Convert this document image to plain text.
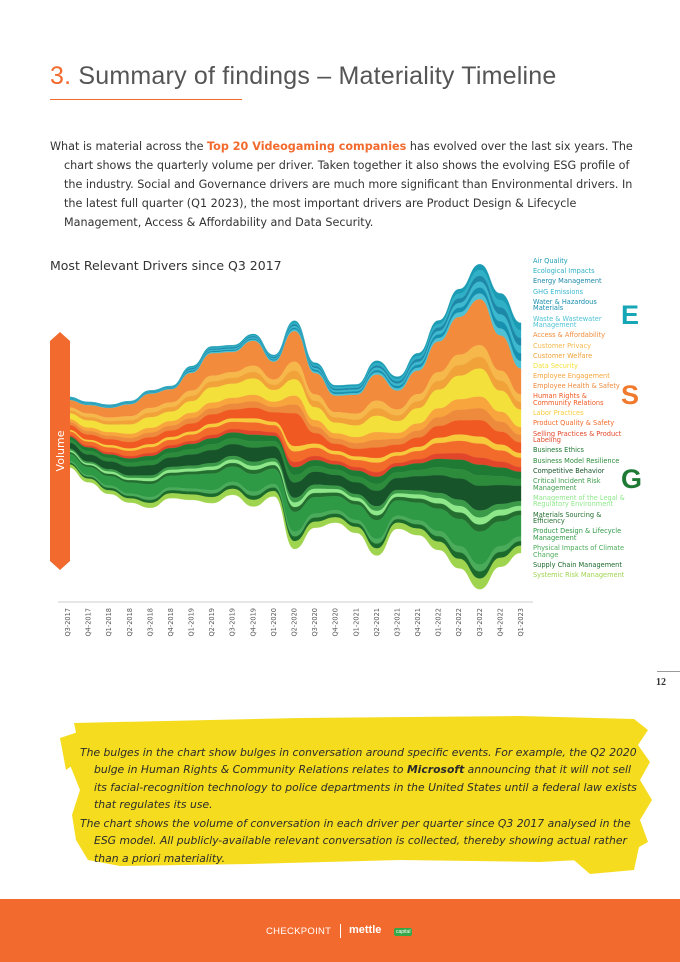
3. Summary of findings – Materiality Timeline

What is material across the Top 20 Videogaming companies has evolved over the last six years. The chart shows the quarterly volume per driver. Taken together it also shows the evolving ESG profile of the industry. Social and Governance drivers are much more significant than Environmental drivers. In the latest full quarter (Q1 2023), the most important drivers are Product Design & Lifecycle Management, Access & Affordability and Data Security.

Most Relevant Drivers since Q3 2017
Q3-2017 Q4-2017 Q1-2018 Q2-2018 Q3-2018 Q4-2018 Q1-2019 Q2-2019 Q3-2019 Q4-2019 Q1-2020 Q2-2020 Q3-2020 Q4-2020 Q1-2021 Q2-2021 Q3-2021 Q4-2021 Q1-2022 Q2-2022 Q3-2022 Q4-2022 Q1-2023
Volume
Air Quality
Ecological Impacts
Energy Management
GHG Emissions
Water & Hazardous Materials
Waste & Wastewater Management
Access & Affordability
Customer Privacy
Customer Welfare
Data Security
Employee Engagement
Employee Health & Safety
Human Rights & Community Relations
Labor Practices
Product Quality & Safety
Selling Practices & Product Labeling
Business Ethics
Business Model Resilience
Competitive Behavior
Critical Incident Risk Management
Management of the Legal & Regulatory Environment
Materials Sourcing & Efficiency
Product Design & Lifecycle Management
Physical Impacts of Climate Change
Supply Chain Management
Systemic Risk Management
E
S
G
12

The bulges in the chart show bulges in conversation around specific events. For example, the Q2 2020 bulge in Human Rights & Community Relations relates to Microsoft announcing that it will not sell its facial-recognition technology to police departments in the United States until a federal law exists that regulates its use.

The chart shows the volume of conversation in each driver per quarter since Q3 2017 analysed in the ESG model. All publicly-available relevant conversation is collected, thereby showing actual rather than a priori materiality.

CHECKPOINT mettle	capital
